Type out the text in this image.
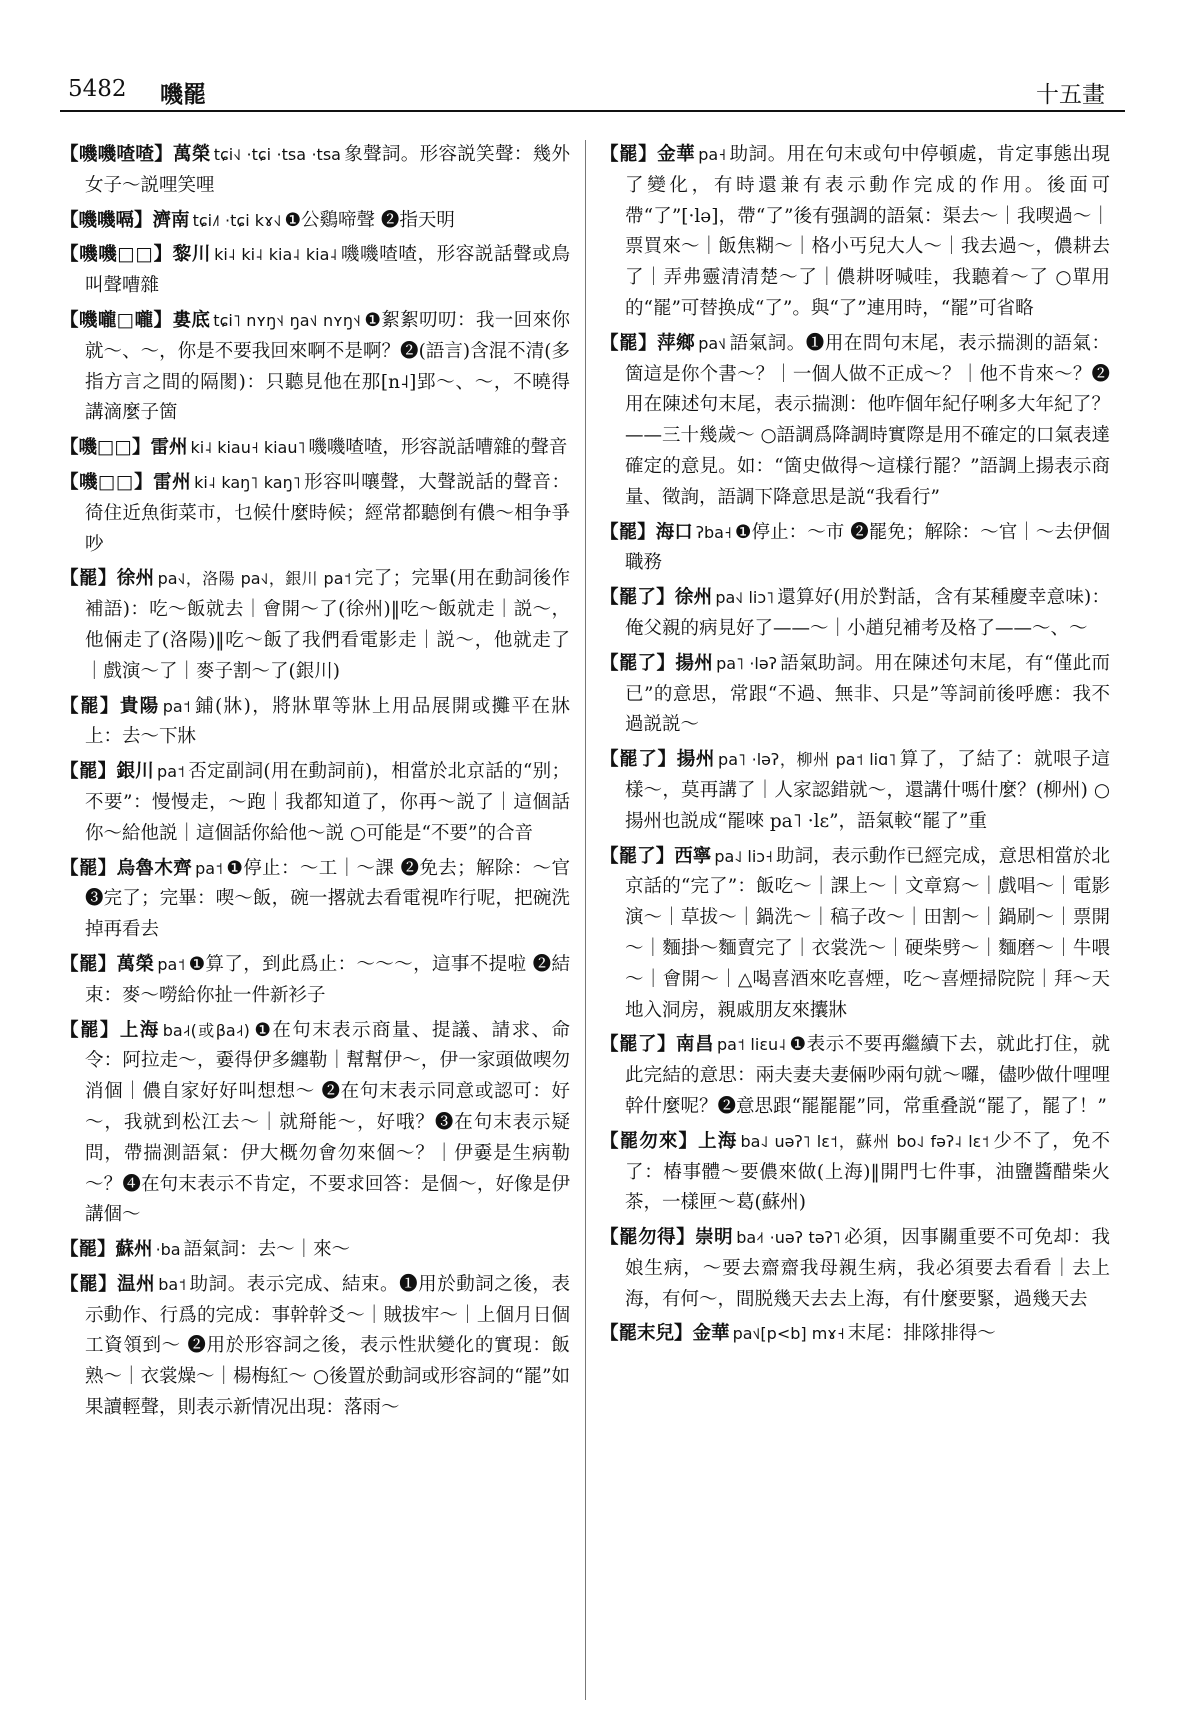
5482 嘰罷	十五畫

【 嘰嘰喳喳 】 萬榮 tɕi˧˩ ·tɕi ·tsa ·tsa 象聲詞。形容説笑聲：幾外女子～説哩笑哩

【 嘰嘰嗝 】 濟南 tɕi˩˥ ·tɕi kɤ˧˩ ❶公鷄啼聲 ❷指天明

【 嘰嘰□□ 】 黎川 ki˨ ki˨ kia˨ kia˨ 嘰嘰喳喳，形容説話聲或鳥叫聲嘈雜

【 嘰嚨□嚨 】 婁底 tɕi˥ nʏŋ˦˨ ŋa˦˩ nʏŋ˦˨ ❶絮絮叨叨：我一回來你就～、～，你是不要我回來啊不是啊？❷(語言)含混不清(多指方言之間的隔閡)：只聽見他在那[n˨]郢～、～，不曉得講滴麼子箇

【 嘰□□ 】 雷州 ki˨ kiau˧ kiau˥ 嘰嘰喳喳，形容説話嘈雜的聲音

【 嘰□□ 】 雷州 ki˨ kaŋ˥ kaŋ˥ 形容叫嚷聲，大聲説話的聲音：徛住近魚街菜市，乜候什麼時候；經常都聽倒有儂～相争爭吵

【 罷 】 徐州 pa˧˩，洛陽 pa˧˩，銀川 pa˦ 完了；完畢(用在動詞後作補語)：吃～飯就去｜會開～了(徐州)‖吃～飯就走｜説～，他倆走了(洛陽)‖吃～飯了我們看電影走｜説～，他就走了｜戲演～了｜麥子割～了(銀川)

【 罷 】 貴陽 pa˦ 鋪(牀)，將牀單等牀上用品展開或攤平在牀上：去～下牀

【 罷 】 銀川 pa˦ 否定副詞(用在動詞前)，相當於北京話的“别；不要”：慢慢走，～跑｜我都知道了，你再～説了｜這個話你～給他説｜這個話你給他～説 ○可能是“不要”的合音

【 罷 】 烏魯木齊 pa˦ ❶停止：～工｜～課 ❷免去；解除：～官 ❸完了；完畢：喫～飯，碗一撂就去看電視咋行呢，把碗洗掉再看去

【 罷 】 萬榮 pa˦ ❶算了，到此爲止：～～～，這事不提啦 ❷結束：麥～嘮給你扯一件新衫子

【 罷 】 上海 ba˨˧(或βa˨˧) ❶在句末表示商量、提議、請求、命令：阿拉走～，嫑得伊多纏勒｜幫幫伊～，伊一家頭做喫勿消個｜儂自家好好叫想想～ ❷在句末表示同意或認可：好～，我就到松江去～｜就搿能～，好哦？❸在句末表示疑問，帶揣測語氣：伊大概勿會勿來個～？｜伊嫑是生病勒～？❹在句末表示不肯定，不要求回答：是個～，好像是伊講個～

【 罷 】 蘇州 ·ba 語氣詞：去～｜來～

【 罷 】 温州 ba˦ 助詞。表示完成、結束。❶用於動詞之後，表示動作、行爲的完成：事幹幹爻～｜賊拔牢～｜上個月日個工資領到～ ❷用於形容詞之後，表示性狀變化的實現：飯熟～｜衣裳燥～｜楊梅紅～ ○後置於動詞或形容詞的“罷”如果讀輕聲，則表示新情况出現：落雨～

【 罷 】 金華 pa˧ 助詞。用在句末或句中停頓處，肯定事態出現了變化，有時還兼有表示動作完成的作用。後面可帶“了”[·lə]，帶“了”後有强調的語氣：渠去～｜我喫過～｜票買來～｜飯焦糊～｜格小丐兒大人～｜我去過～，儂耕去了｜弄弗靈清清楚～了｜儂耕呀喊哇，我聽着～了 ○單用的“罷”可替换成“了”。與“了”連用時，“罷”可省略

【 罷 】 萍鄉 pa˦˩ 語氣詞。❶用在問句末尾，表示揣測的語氣：箇這是你个書～？｜一個人做不正成～？｜他不肯來～？❷用在陳述句末尾，表示揣測：他咋個年紀仔唎多大年紀了？——三十幾歲～ ○語調爲降調時實際是用不確定的口氣表達確定的意見。如：“箇史做得～這樣行罷？”語調上揚表示商量、徵詢，語調下降意思是説“我看行”

【 罷 】 海口 ʔba˧ ❶停止：～市 ❷罷免；解除：～官｜～去伊個職務

【 罷了 】 徐州 pa˧˩ liɔ˥ 還算好(用於對話，含有某種慶幸意味)：俺父親的病見好了——～｜小趙兒補考及格了——～、～

【 罷了 】 揚州 pa˥ ·ləʔ 語氣助詞。用在陳述句末尾，有“僅此而已”的意思，常跟“不過、無非、只是”等詞前後呼應：我不過説説～

【 罷了 】 揚州 pa˥ ·ləʔ，柳州 pa˦ liɑ˥ 算了，了結了：就哏子這樣～，莫再講了｜人家認錯就～，還講什嗎什麼？(柳州) ○揚州也説成“罷唻 pa˥ ·lɛ”，語氣較“罷了”重

【 罷了 】 西寧 pa˨˩ liɔ˧ 助詞，表示動作已經完成，意思相當於北京話的“完了”：飯吃～｜課上～｜文章寫～｜戲唱～｜電影演～｜草拔～｜鍋洗～｜稿子改～｜田割～｜鍋刷～｜票開～｜麵掛～麵賣完了｜衣裳洗～｜硬柴劈～｜麵磨～｜牛喂～｜會開～｜△喝喜酒來吃喜煙，吃～喜煙掃院院｜拜～天地入洞房，親戚朋友來攮牀

【 罷了 】 南昌 pa˦ liɛu˨ ❶表示不要再繼續下去，就此打住，就此完結的意思：兩夫妻夫妻倆吵兩句就～囉，儘吵做什哩哩幹什麼呢？❷意思跟“罷罷罷”同，常重叠説“罷了，罷了！”

【 罷勿來 】 上海 ba˨˩ uəʔ˥ lɛ˦，蘇州 bo˨˩ fəʔ˨ lɛ˦ 少不了，免不了：樁事體～要儂來做(上海)‖開門七件事，油鹽醬醋柴火茶，一樣匣～葛(蘇州)

【 罷勿得 】 崇明 ba˨˦ ·uəʔ təʔ˥ 必須，因事關重要不可免却：我娘生病，～要去齋齋我母親生病，我必須要去看看｜去上海，有何～，間脱幾天去去上海，有什麼要緊，過幾天去

【 罷末兒 】 金華 pa˦˩[p<b] mɤ˧ 末尾：排隊排得～
